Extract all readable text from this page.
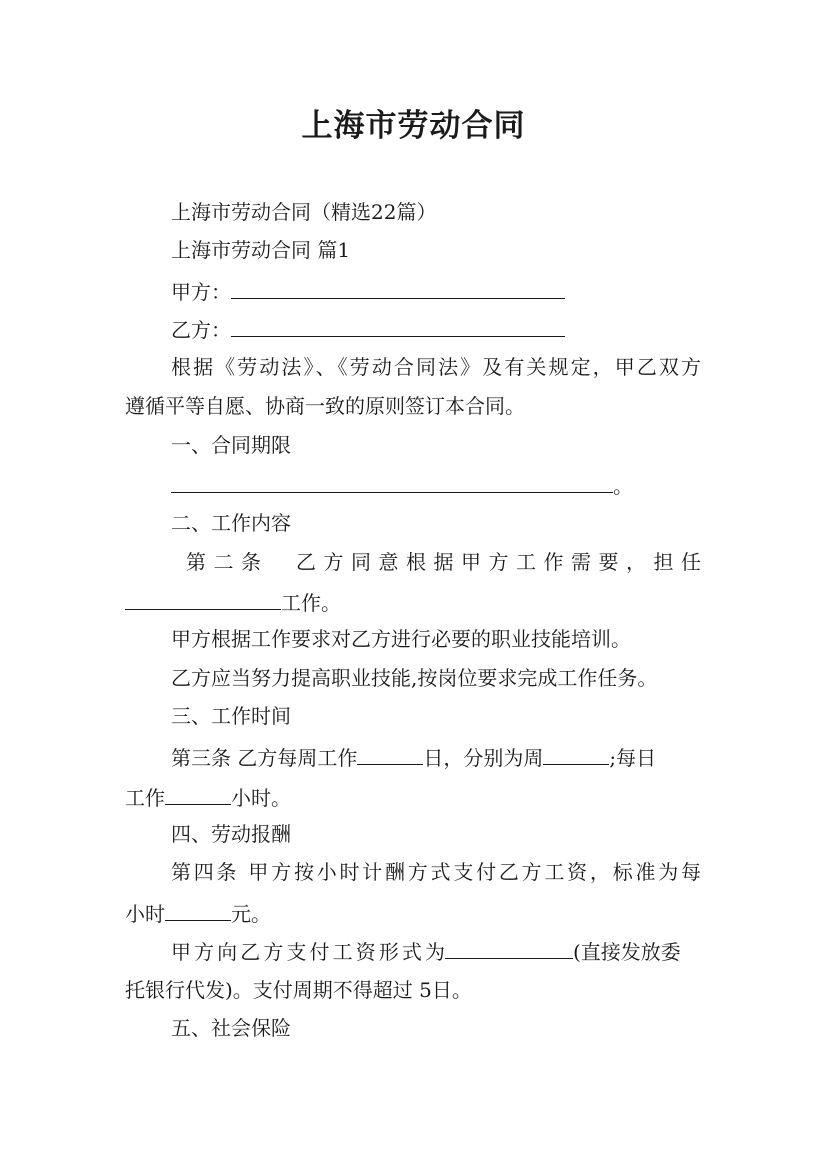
上海市劳动合同
上海市劳动合同（精选22篇）
上海市劳动合同 篇1
甲方：
乙方：
根据《劳动法》、《劳动合同法》及有关规定，甲乙双方
遵循平等自愿、协商一致的原则签订本合同。
一、合同期限
。
二、工作内容
第二条　乙方同意根据甲方工作需要，担任
工作。
甲方根据工作要求对乙方进行必要的职业技能培训。
乙方应当努力提高职业技能,按岗位要求完成工作任务。
三、工作时间
第三条 乙方每周工作	日，分别为周	;每日
工作	小时。
四、劳动报酬
第四条 甲方按小时计酬方式支付乙方工资，标准为每
小时	元。
甲方向乙方支付工资形式为	(直接发放委
托银行代发)。支付周期不得超过 5日。
五、社会保险
